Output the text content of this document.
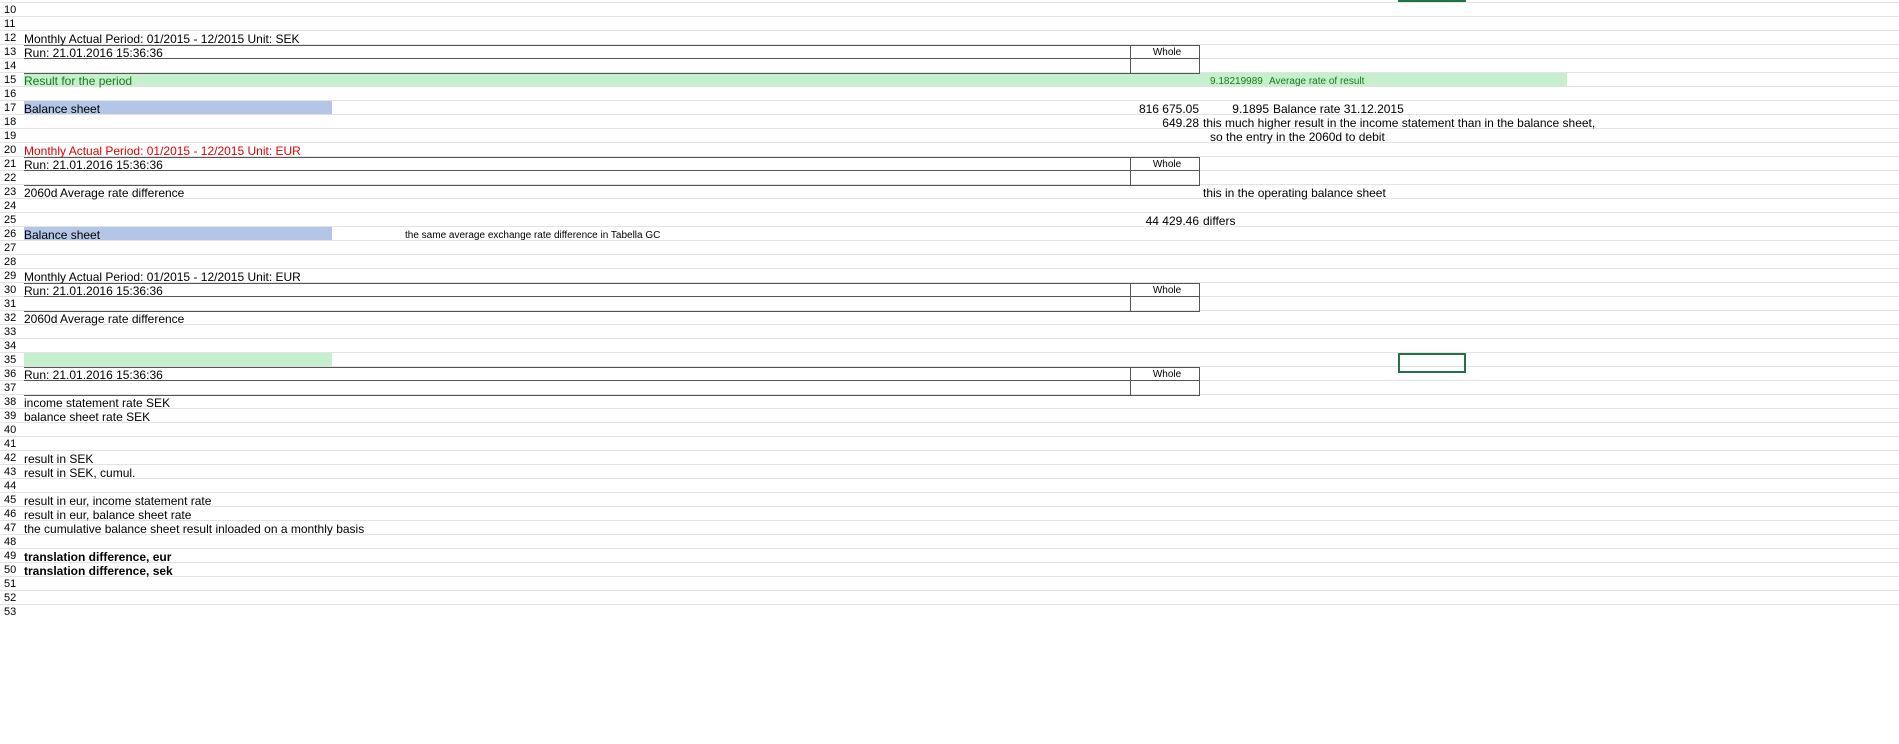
10
11
12
13
14
15
16
17
18
19
20
21
22
23
24
25
26
27
28
29
30
31
32
33
34
35
36
37
38
39
40
41
42
43
44
45
46
47
48
49
50
51
52
53
Monthly Actual Period: 01/2015 - 12/2015 Unit: SEK
Run: 21.01.2016 15:36:36	Whole
Result for the period	9.18219989 Average rate of result
Balance sheet	816 675.05	9.1895 Balance rate 31.12.2015
649.28 this much higher result in the income statement than in the balance sheet,
so the entry in the 2060d to debit
Monthly Actual Period: 01/2015 - 12/2015 Unit: EUR
Run: 21.01.2016 15:36:36	Whole
2060d Average rate difference	this in the operating balance sheet
44 429.46 differs
Balance sheet	the same average exchange rate difference in Tabella GC
Monthly Actual Period: 01/2015 - 12/2015 Unit: EUR
Run: 21.01.2016 15:36:36	Whole
2060d Average rate difference
Run: 21.01.2016 15:36:36	Whole
income statement rate SEK
balance sheet rate SEK
result in SEK
result in SEK, cumul.
result in eur, income statement rate
result in eur, balance sheet rate
the cumulative balance sheet result inloaded on a monthly basis
translation difference, eur
translation difference, sek
